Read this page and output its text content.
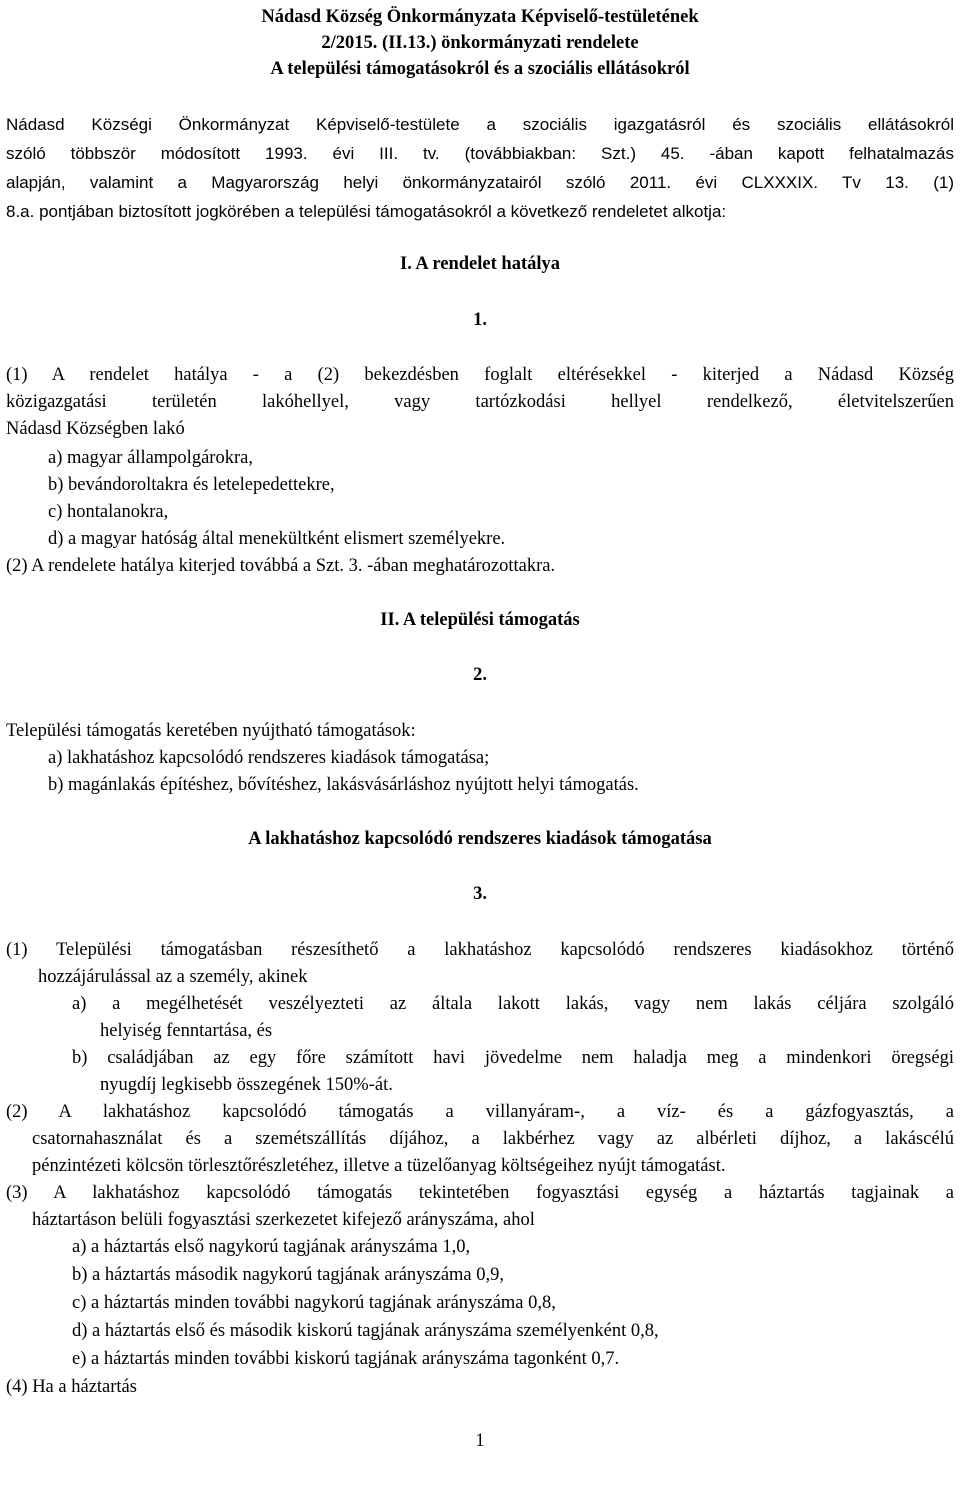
Nádasd Község Önkormányzata Képviselő-testületének
2/2015. (II.13.) önkormányzati rendelete
A települési támogatásokról és a szociális ellátásokról
Nádasd Községi Önkormányzat Képviselő-testülete a szociális igazgatásról és szociális ellátásokról
szóló többször módosított 1993. évi III. tv. (továbbiakban: Szt.) 45. -ában kapott felhatalmazás
alapján, valamint a Magyarország helyi önkormányzatairól szóló 2011. évi CLXXXIX. Tv 13. (1)
8.a. pontjában biztosított jogkörében a települési támogatásokról a következő rendeletet alkotja:
I. A rendelet hatálya
1.
(1) A rendelet hatálya - a (2) bekezdésben foglalt eltérésekkel - kiterjed a Nádasd Község
közigazgatási területén lakóhellyel, vagy tartózkodási hellyel rendelkező, életvitelszerűen
Nádasd Községben lakó
a) magyar állampolgárokra,
b) bevándoroltakra és letelepedettekre,
c) hontalanokra,
d) a magyar hatóság által menekültként elismert személyekre.
(2) A rendelete hatálya kiterjed továbbá a Szt. 3. -ában meghatározottakra.
II. A települési támogatás
2.
Települési támogatás keretében nyújtható támogatások:
a) lakhatáshoz kapcsolódó rendszeres kiadások támogatása;
b) magánlakás építéshez, bővítéshez, lakásvásárláshoz nyújtott helyi támogatás.
A lakhatáshoz kapcsolódó rendszeres kiadások támogatása
3.
(1) Települési támogatásban részesíthető a lakhatáshoz kapcsolódó rendszeres kiadásokhoz történő
hozzájárulással az a személy, akinek
a) a megélhetését veszélyezteti az általa lakott lakás, vagy nem lakás céljára szolgáló
helyiség fenntartása, és
b) családjában az egy főre számított havi jövedelme nem haladja meg a mindenkori öregségi
nyugdíj legkisebb összegének 150%-át.
(2) A lakhatáshoz kapcsolódó támogatás a villanyáram-, a víz- és a gázfogyasztás, a
csatornahasználat és a szemétszállítás díjához, a lakbérhez vagy az albérleti díjhoz, a lakáscélú
pénzintézeti kölcsön törlesztőrészletéhez, illetve a tüzelőanyag költségeihez nyújt támogatást.
(3) A lakhatáshoz kapcsolódó támogatás tekintetében fogyasztási egység a háztartás tagjainak a
háztartáson belüli fogyasztási szerkezetet kifejező arányszáma, ahol
a) a háztartás első nagykorú tagjának arányszáma 1,0,
b) a háztartás második nagykorú tagjának arányszáma 0,9,
c) a háztartás minden további nagykorú tagjának arányszáma 0,8,
d) a háztartás első és második kiskorú tagjának arányszáma személyenként 0,8,
e) a háztartás minden további kiskorú tagjának arányszáma tagonként 0,7.
(4) Ha a háztartás
1
